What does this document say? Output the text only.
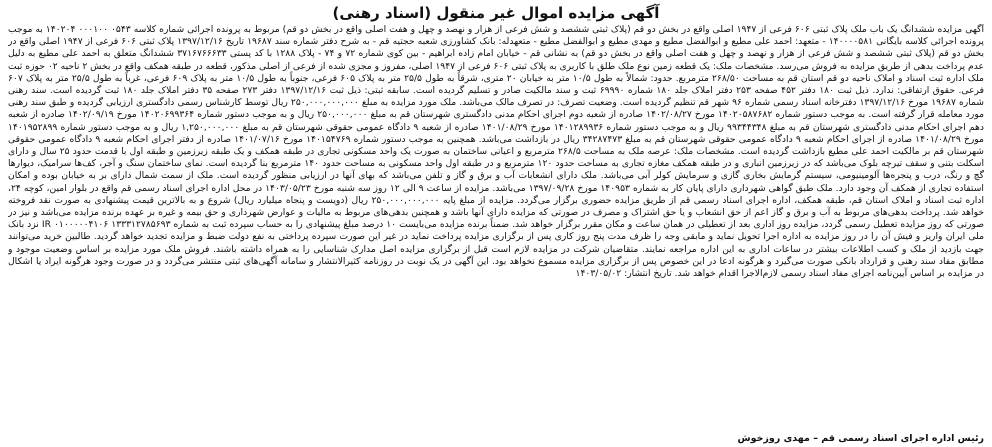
آگهی مزایده اموال غیر منقول (اسناد رهنی)

آگهی مزایده ششدانگ یک باب ملک پلاک ثبتی ۶۰۶ فرعی از ۱۹۴۷ اصلی واقع در بخش دو قم (پلاک ثبتی ششصد و شش فرعی از هزار و نهصد و چهل و هفت اصلی واقع در بخش دو قم) مربوط به پرونده اجرائی شماره کلاسه ۰۵۴۳ ۰۰۰۱۰۰ ۱۴۰۲۰۴ به موجب پرونده اجرائی کلاسه بایگانی ۱۴۰۰۰۰۵۸۱ - متعهد: احمد علی مطیع و ابوالفضل مطیع و مهدی مطیع و ابوالفضل مطیع - متعهدله: بانک کشاورزی شعبه حجتیه قم - به شرح دفتر شماره سند ۱۹۶۸۷ تاریخ ۱۳۹۷/۱۲/۱۶ پلاک ثبتی ۶۰۶ فرعی از ۱۹۴۷ اصلی واقع در بخش دو قم (پلاک ثبتی ششصد و شش فرعی از هزار و نهصد و چهل و هفت اصلی واقع در بخش دو قم) به نشانی قم - خیابان امام زاده ابراهیم - بین کوی شماره ۷۲ و ۷۴ - پلاک ۱۲۸۸ با کد پستی ۳۷۱۶۷۶۶۶۳۳ ششدانگ متعلق به احمد علی مطیع به دلیل عدم پرداخت بدهی از طریق مزایده به فروش می‌رسد. مشخصات ملک: یک قطعه زمین نوع ملک طلق با کاربری به پلاک ثبتی ۶۰۶ فرعی از ۱۹۴۷ اصلی، مفروز و مجزی شده از فرعی از اصلی مذکور، قطعه در طبقه همکف واقع در بخش ۲ ناحیه ۰۲ حوزه ثبت ملک اداره ثبت اسناد و املاک ناحیه دو قم استان قم به مساحت ۲۶۸/۵۰ مترمربع. حدود: شمالاً به طول ۱۰/۵ متر به خیابان ۲۰ متری، شرقاً به طول ۲۵/۵ متر به پلاک ۶۰۵ فرعی، جنوباً به طول ۱۰/۵ متر به پلاک ۶۰۹ فرعی، غرباً به طول ۲۵/۵ متر به پلاک ۶۰۷ فرعی. حقوق ارتفاقی: ندارد. ذیل ثبت ۱۸۰ دفتر ۴۵۲ صفحه ۲۵۳ دفتر املاک جلد ۱۸۰ شماره ۶۹۹۹۰ ثبت و سند مالکیت صادر و تسلیم گردیده است. سابقه ثبتی: ذیل ثبت ۱۳۹۷/۱۲/۱۶ دفتر ۲۷۳ صفحه ۳۵ دفتر املاک جلد ۱۸۰ ثبت گردیده است. سند رهنی شماره ۱۹۶۸۷ مورخ ۱۳۹۷/۱۲/۱۶ دفترخانه اسناد رسمی شماره ۹۶ شهر قم تنظیم گردیده است. وضعیت تصرف: در تصرف مالک می‌باشد. ملک مورد مزایده به مبلغ ۲۵۰,۰۰۰,۰۰۰,۰۰۰ ریال توسط کارشناس رسمی دادگستری ارزیابی گردیده و طبق سند رهنی مورد معامله قرار گرفته است. به موجب دستور شماره ۱۴۰۲۰۵۸۷۶۸۲ مورخ ۱۴۰۲/۰۸/۲۷ صادره از شعبه دوم اجرای احکام مدنی دادگستری شهرستان قم به مبلغ ۲۵۰,۰۰۰,۰۰۰ ریال و به موجب دستور شماره ۱۴۰۲۰۶۹۹۳۶۴ مورخ ۱۴۰۲/۰۹/۱۹ صادره از شعبه دهم اجرای احکام مدنی دادگستری شهرستان قم به مبلغ ۹۹۳۴۴۳۴۸ ریال و به موجب دستور شماره ۱۴۰۱۲۸۹۹۳۶ مورخ ۱۴۰۱/۰۸/۲۹ صادره از شعبه ۹ دادگاه عمومی حقوقی شهرستان قم به مبلغ ۱,۲۵۰,۰۰۰,۰۰۰ ریال و به موجب دستور شماره ۱۴۰۱۹۵۲۸۹۹ مورخ ۱۴۰۱/۰۸/۲۹ صادره از اجرای احکام شعبه ۹ دادگاه عمومی حقوقی شهرستان قم به مبلغ ۳۴۲۸۷۴۷۳ ریال در بازداشت می‌باشد. همچنین به موجب دستور شماره ۱۴۰۱۵۴۷۶۹ مورخ ۱۴۰۱/۰۷/۱۶ صادره از دفتر اجرای احکام شعبه ۹ دادگاه عمومی حقوقی شهرستان قم بر مالکیت احمد علی مطیع بازداشت گردیده است. مشخصات ملک: عرصه ملک به مساحت ۲۶۸/۵ مترمربع و اعیانی ساختمان به صورت یک واحد مسکونی تجاری در طبقه همکف و یک طبقه زیرزمین و طبقه اول با قدمت حدود ۲۵ سال و دارای اسکلت بتنی و سقف تیرچه بلوک می‌باشد که در زیرزمین انباری و در طبقه همکف مغازه تجاری به مساحت حدود ۱۲۰ مترمربع و در طبقه اول واحد مسکونی به مساحت حدود ۱۴۰ مترمربع بنا گردیده است. نمای ساختمان سنگ و آجر، کف‌ها سرامیک، دیوارها گچ و رنگ، درب و پنجره‌ها آلومینیومی، سیستم گرمایش بخاری گازی و سرمایش کولر آبی می‌باشد. ملک دارای انشعابات آب و برق و گاز و تلفن می‌باشد که بهای آنها در ارزیابی منظور گردیده است. ملک از سمت شمال دارای بر به خیابان بوده و امکان استفاده تجاری از همکف آن وجود دارد. ملک طبق گواهی شهرداری دارای پایان کار به شماره ۱۴۰۹۵۳ مورخ ۱۳۹۷/۰۹/۲۸ می‌باشد. مزایده از ساعت ۹ الی ۱۲ روز سه شنبه مورخ ۱۴۰۳/۰۵/۲۳ در محل اداره اجرای اسناد رسمی قم واقع در بلوار امین، کوچه ۲۴، اداره ثبت اسناد و املاک استان قم، طبقه همکف، اداره اجرای اسناد رسمی قم از طریق مزایده حضوری برگزار می‌گردد. مزایده از مبلغ پایه ۲۵۰,۰۰۰,۰۰۰,۰۰۰ ریال (دویست و پنجاه میلیارد ریال) شروع و به بالاترین قیمت پیشنهادی به صورت نقد فروخته خواهد شد. پرداخت بدهی‌های مربوط به آب و برق و گاز اعم از حق انشعاب و یا حق اشتراک و مصرف در صورتی که مزایده دارای آنها باشد و همچنین بدهی‌های مربوط به مالیات و عوارض شهرداری و حق بیمه و غیره بر عهده برنده مزایده می‌باشد و نیز در صورتی که روز مزایده تعطیل رسمی گردد، مزایده روز اداری بعد از تعطیلی در همان ساعت و مکان مقرر برگزار خواهد شد. ضمناً برنده مزایده می‌بایست ۱۰ درصد مبلغ پیشنهادی را به حساب سپرده ثبت به شماره IR ۰۱۰۰۰۰۰۴۱۰۶ ۱۳۳۳۱۲۷۸۵۶۹۳ نزد بانک ملی ایران واریز و فیش آن را در روز مزایده به اداره اجرا تحویل نماید و مابقی وجه را ظرف مدت پنج روز کاری پس از برگزاری مزایده پرداخت نماید در غیر این صورت سپرده پرداختی به نفع دولت ضبط و مزایده تجدید خواهد گردید. طالبین خرید می‌توانند جهت بازدید از ملک و کسب اطلاعات بیشتر در ساعات اداری به این اداره مراجعه نمایند. متقاضیان شرکت در مزایده لازم است قبل از برگزاری مزایده اصل مدارک شناسایی را به همراه داشته باشند. فروش ملک مورد مزایده بر اساس وضعیت موجود و مطابق مفاد سند رهنی و قرارداد بانکی صورت می‌گیرد و هرگونه ادعا در این خصوص پس از برگزاری مزایده مسموع نخواهد بود. این آگهی در یک نوبت در روزنامه کثیرالانتشار و سامانه آگهی‌های ثبتی منتشر می‌گردد و در صورت وجود هرگونه ایراد یا اشکال در مزایده بر اساس آیین‌نامه اجرای مفاد اسناد رسمی لازم‌الاجرا اقدام خواهد شد. تاریخ انتشار: ۱۴۰۳/۰۵/۰۲

رئیس اداره اجرای اسناد رسمی قم – مهدی روزخوش
